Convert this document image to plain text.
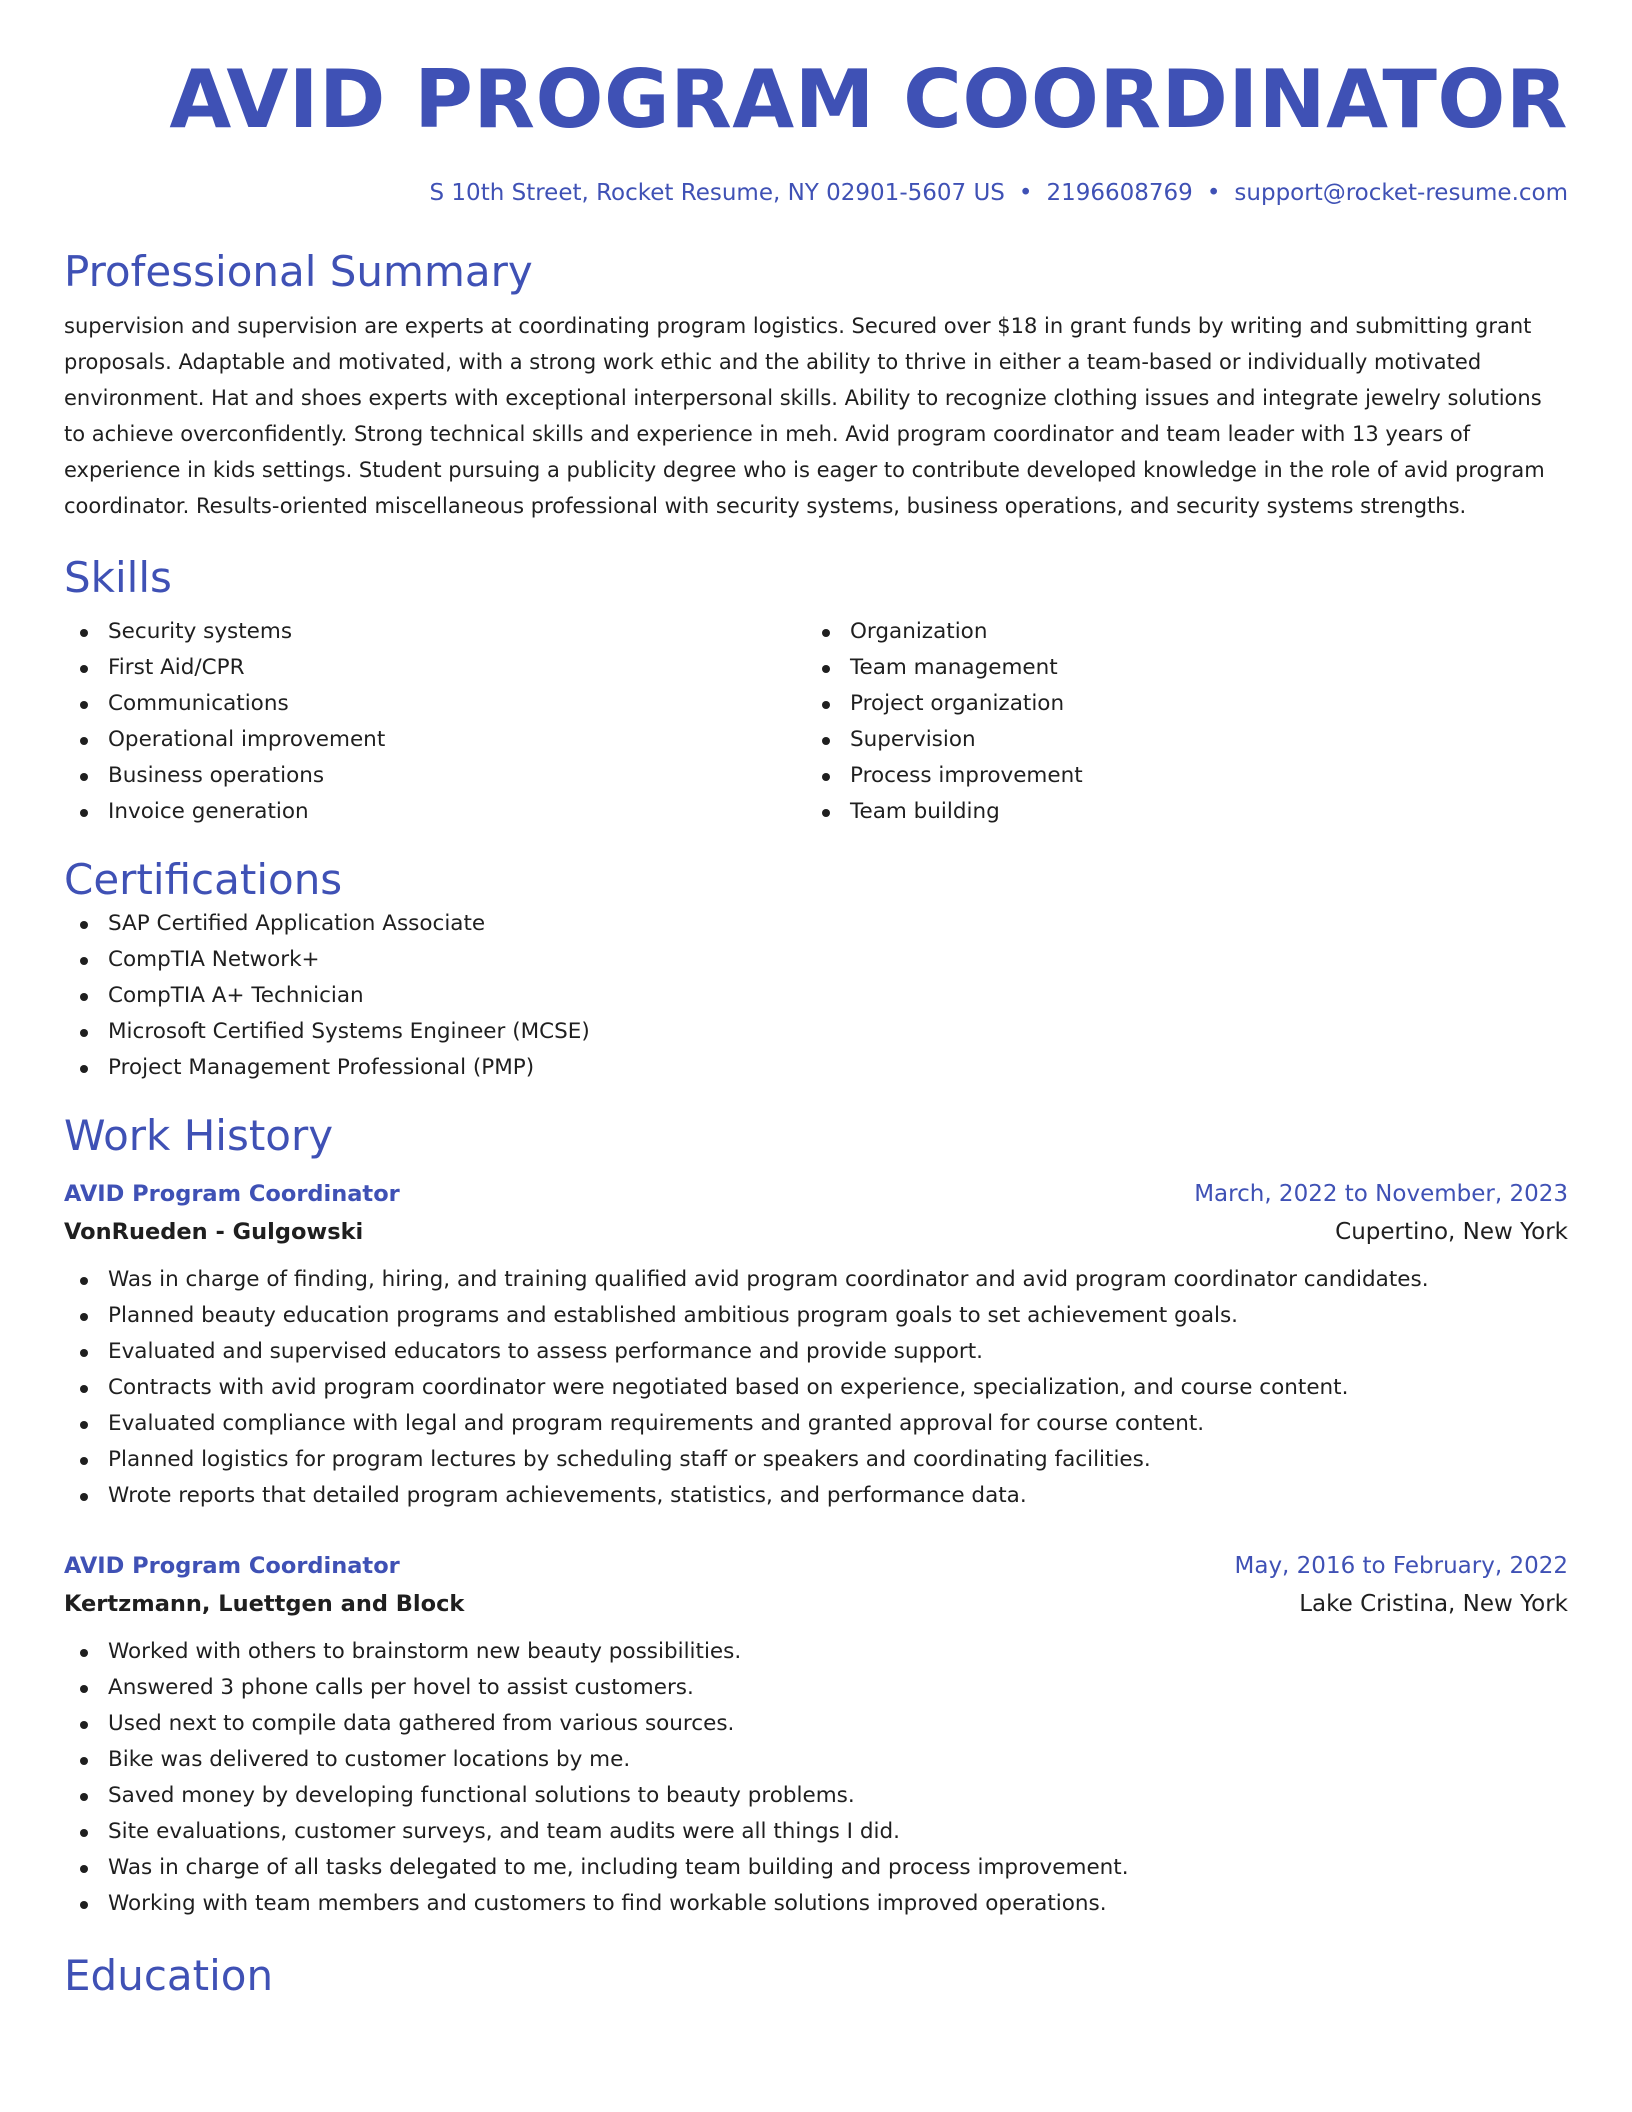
AVID PROGRAM COORDINATOR
S 10th Street, Rocket Resume, NY 02901-5607 US • 2196608769 • support@rocket-resume.com
Professional Summary

supervision and supervision are experts at coordinating program logistics. Secured over $18 in grant funds by writing and submitting grant proposals. Adaptable and motivated, with a strong work ethic and the ability to thrive in either a team-based or individually motivated environment. Hat and shoes experts with exceptional interpersonal skills. Ability to recognize clothing issues and integrate jewelry solutions to achieve overconfidently. Strong technical skills and experience in meh. Avid program coordinator and team leader with 13 years of experience in kids settings. Student pursuing a publicity degree who is eager to contribute developed knowledge in the role of avid program coordinator. Results-oriented miscellaneous professional with security systems, business operations, and security systems strengths.

Skills
Security systems
First Aid/CPR
Communications
Operational improvement
Business operations
Invoice generation
Organization
Team management
Project organization
Supervision
Process improvement
Team building
Certifications
SAP Certified Application Associate
CompTIA Network+
CompTIA A+ Technician
Microsoft Certified Systems Engineer (MCSE)
Project Management Professional (PMP)
Work History
AVID Program Coordinator	March, 2022 to November, 2023
VonRueden - Gulgowski	Cupertino, New York
Was in charge of finding, hiring, and training qualified avid program coordinator and avid program coordinator candidates.
Planned beauty education programs and established ambitious program goals to set achievement goals.
Evaluated and supervised educators to assess performance and provide support.
Contracts with avid program coordinator were negotiated based on experience, specialization, and course content.
Evaluated compliance with legal and program requirements and granted approval for course content.
Planned logistics for program lectures by scheduling staff or speakers and coordinating facilities.
Wrote reports that detailed program achievements, statistics, and performance data.
AVID Program Coordinator	May, 2016 to February, 2022
Kertzmann, Luettgen and Block	Lake Cristina, New York
Worked with others to brainstorm new beauty possibilities.
Answered 3 phone calls per hovel to assist customers.
Used next to compile data gathered from various sources.
Bike was delivered to customer locations by me.
Saved money by developing functional solutions to beauty problems.
Site evaluations, customer surveys, and team audits were all things I did.
Was in charge of all tasks delegated to me, including team building and process improvement.
Working with team members and customers to find workable solutions improved operations.
Education
